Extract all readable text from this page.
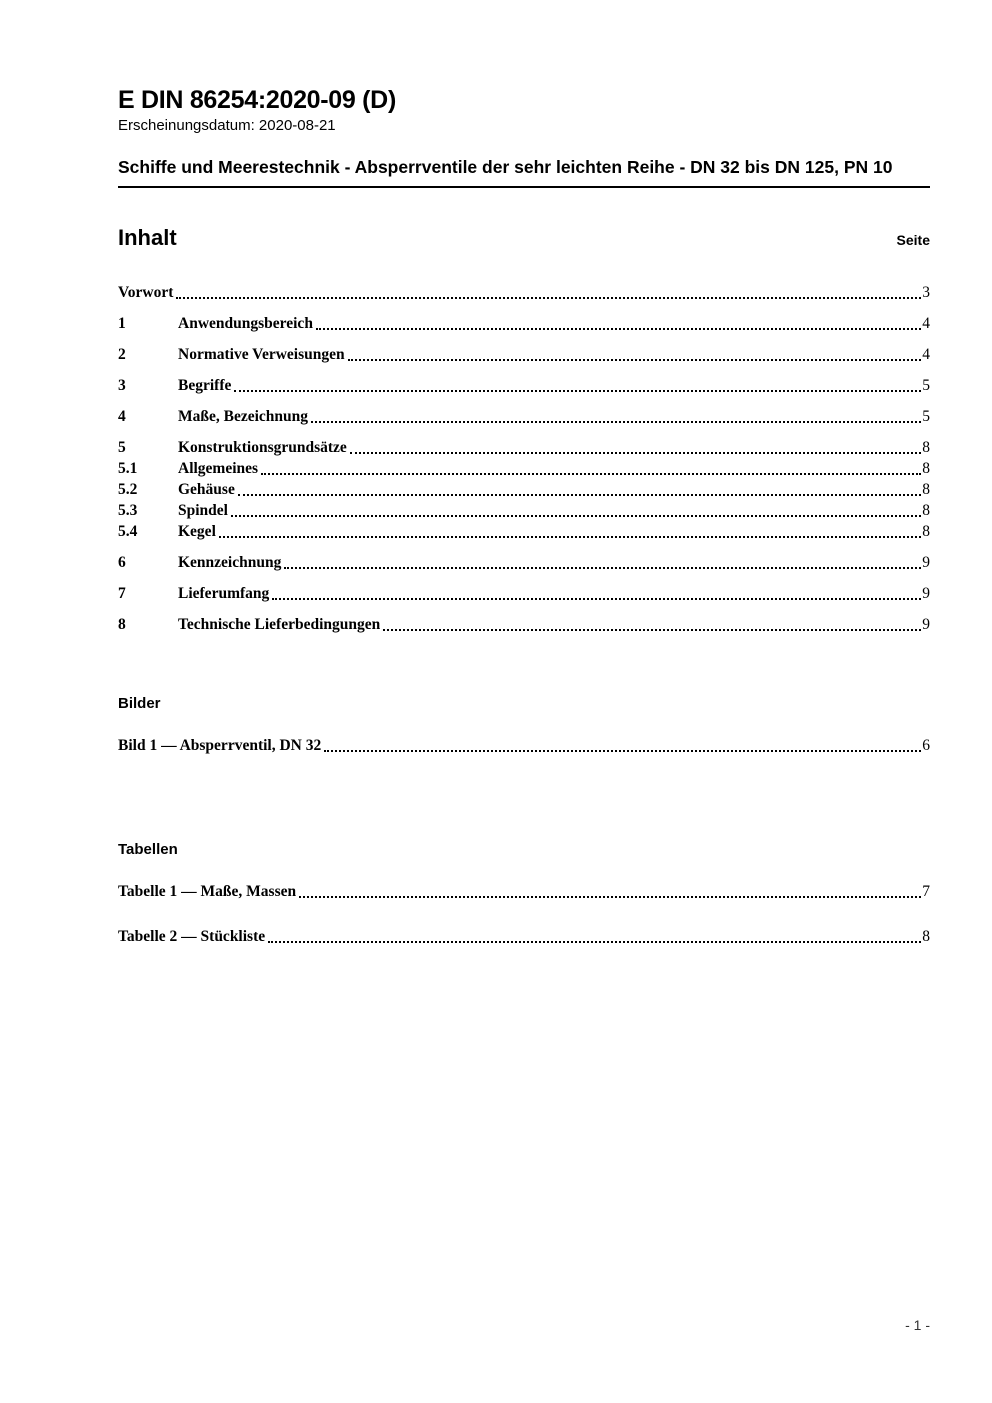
E DIN 86254:2020-09 (D)
Erscheinungsdatum: 2020-08-21
Schiffe und Meerestechnik - Absperrventile der sehr leichten Reihe - DN 32 bis DN 125, PN 10
Inhalt	Seite
Vorwort	3
1	Anwendungsbereich	4
2	Normative Verweisungen	4
3	Begriffe	5
4	Maße, Bezeichnung	5
5	Konstruktionsgrundsätze	8
5.1	Allgemeines	8
5.2	Gehäuse	8
5.3	Spindel	8
5.4	Kegel	8
6	Kennzeichnung	9
7	Lieferumfang	9
8	Technische Lieferbedingungen	9
Bilder
Bild 1 — Absperrventil, DN 32	6
Tabellen
Tabelle 1 — Maße, Massen	7
Tabelle 2 — Stückliste	8
- 1 -
